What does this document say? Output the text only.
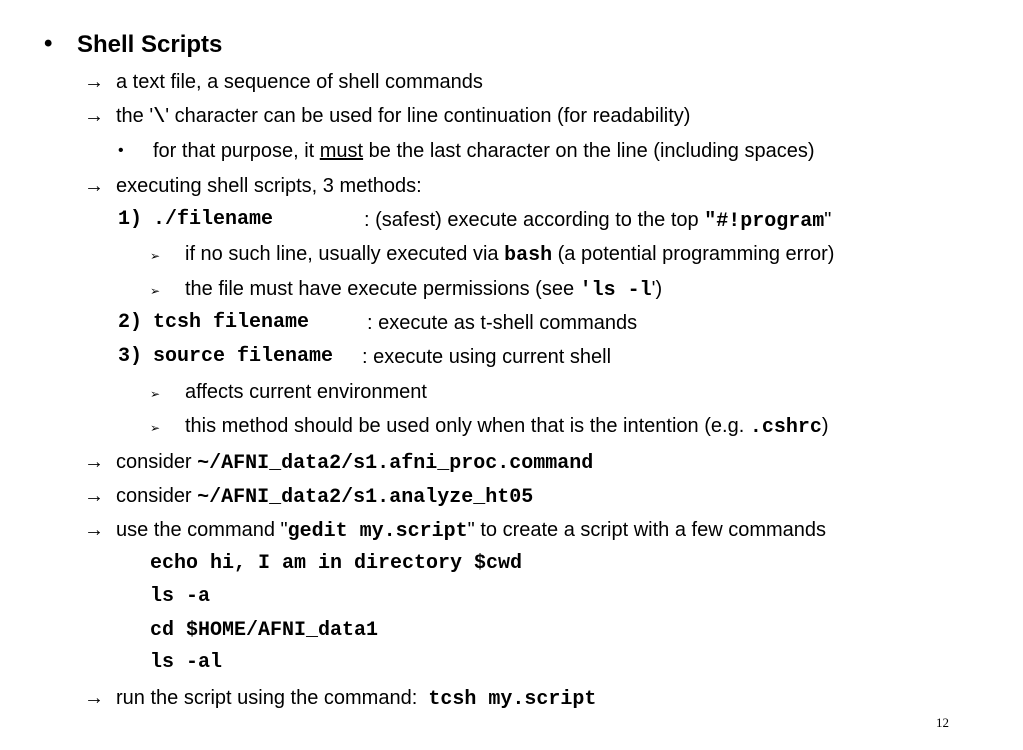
• Shell Scripts
→ a text file, a sequence of shell commands
→ the '\' character can be used for line continuation (for readability)
• for that purpose, it must be the last character on the line (including spaces)
→ executing shell scripts, 3 methods:
1) ./filename	: (safest) execute according to the top "#!program"
➢ if no such line, usually executed via bash (a potential programming error)
➢ the file must have execute permissions (see 'ls -l')
2) tcsh filename	: execute as t-shell commands
3) source filename : execute using current shell
➢ affects current environment
➢ this method should be used only when that is the intention (e.g. .cshrc)
→ consider ~/AFNI_data2/s1.afni_proc.command
→ consider ~/AFNI_data2/s1.analyze_ht05
→ use the command "gedit my.script" to create a script with a few commands
echo hi, I am in directory $cwd
ls -a
cd $HOME/AFNI_data1
ls -al
→ run the script using the command:  tcsh my.script
12
